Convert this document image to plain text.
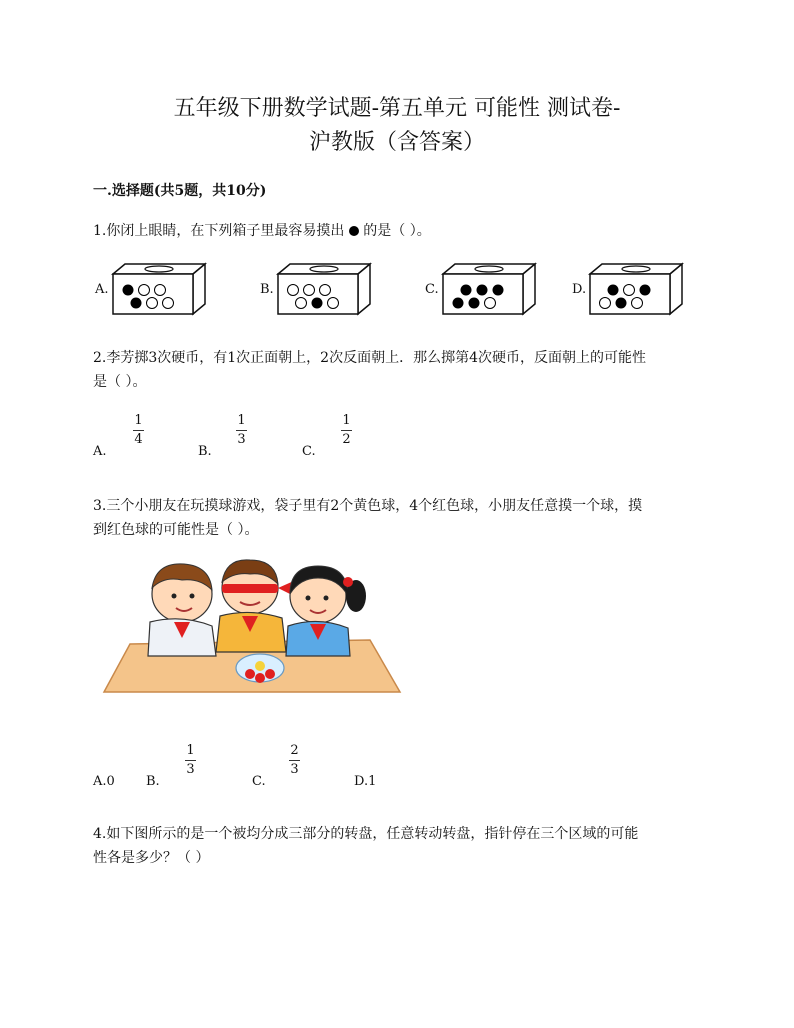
五年级下册数学试题-第五单元 可能性 测试卷-
沪教版（含答案）
一.选择题(共5题，共10分)
1.你闭上眼睛，在下列箱子里最容易摸出 的是（ ）。
A.	B.	C.	D.
2.李芳掷3次硬币，有1次正面朝上，2次反面朝上．那么掷第4次硬币，反面朝上的可能性
是（ ）。
A.
1
4
B.
1
3
C.
1
2
3.三个小朋友在玩摸球游戏，袋子里有2个黄色球，4个红色球，小朋友任意摸一个球，摸
到红色球的可能性是（ ）。
A.0 B.
1
3
C.
2
3
D.1
4.如下图所示的是一个被均分成三部分的转盘，任意转动转盘，指针停在三个区域的可能
性各是多少？（ ）
